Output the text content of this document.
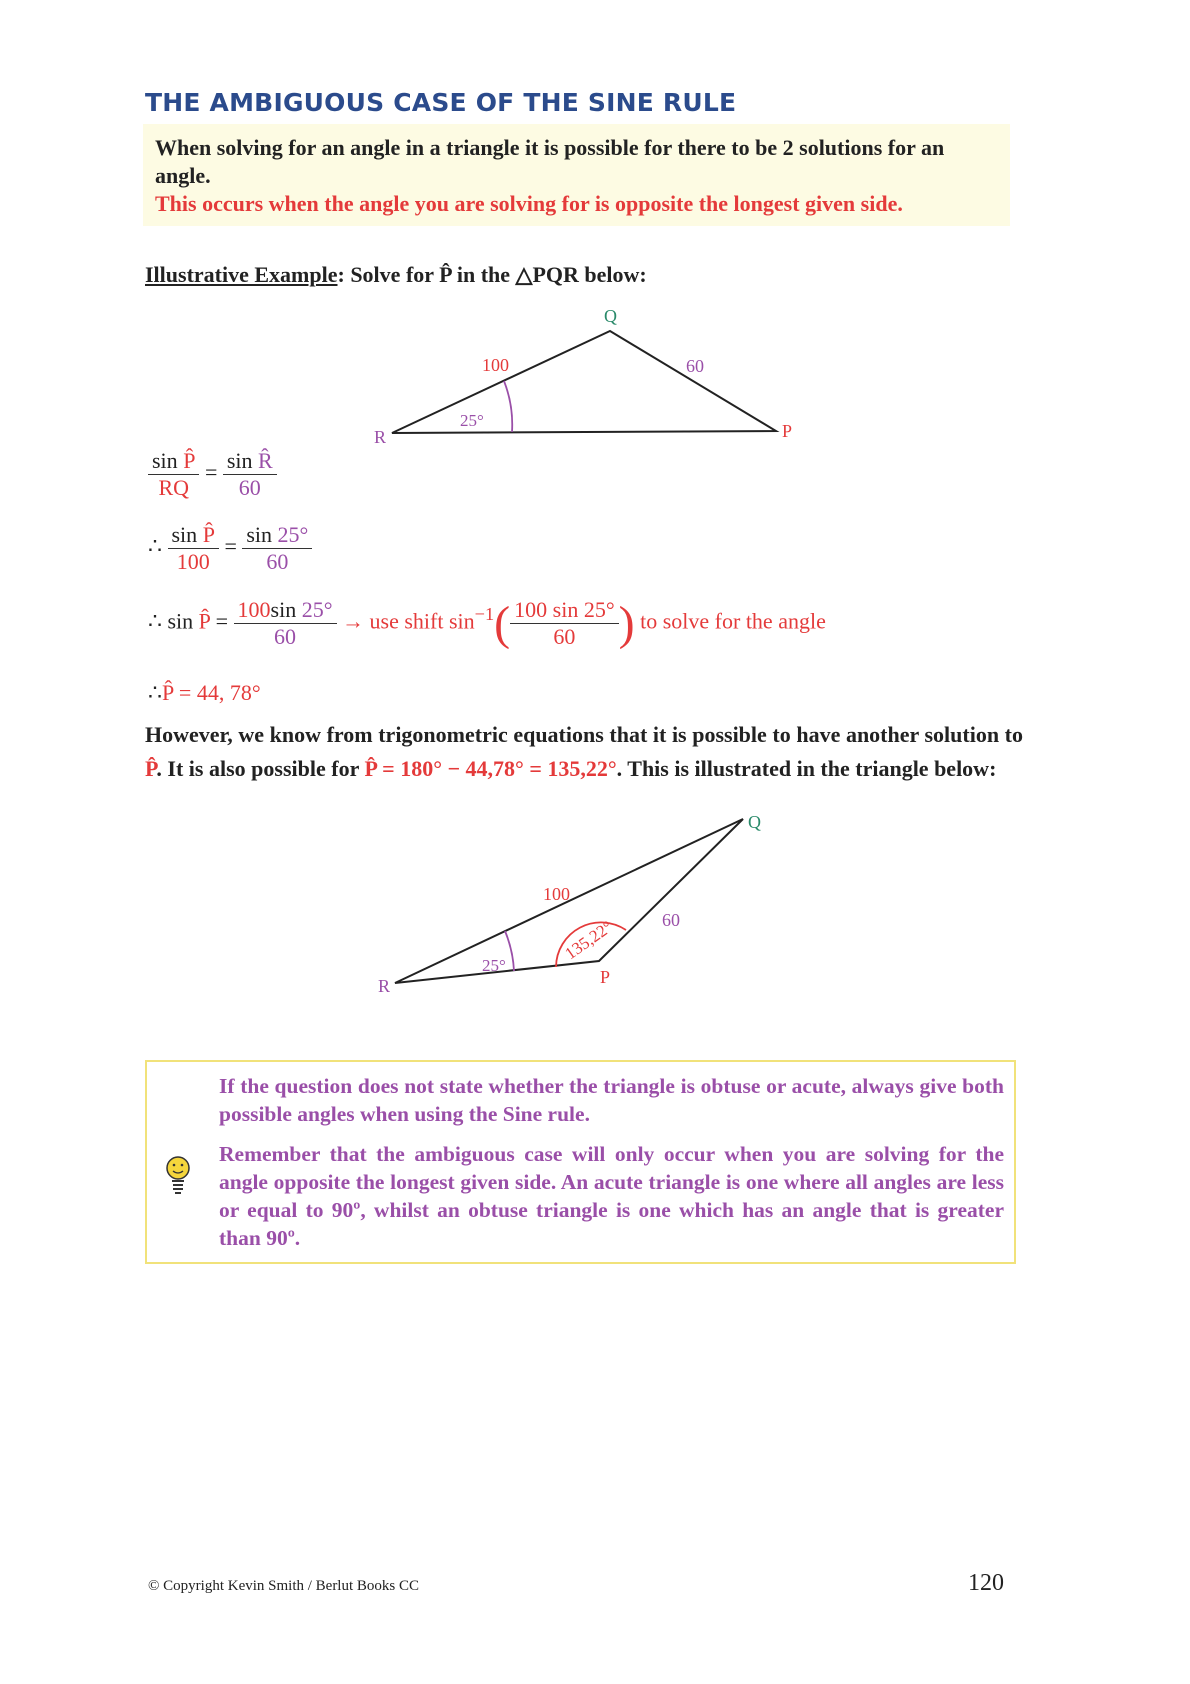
THE AMBIGUOUS CASE OF THE SINE RULE
When solving for an angle in a triangle it is possible for there to be 2 solutions for an angle.
This occurs when the angle you are solving for is opposite the longest given side.
Illustrative Example: Solve for P̂ in the △PQR below:
Q
R	P
100	60
25°
Q
R	P
100
60
25°
135,22°
$\frac{\text{sin P̂}}{RQ} = \frac{\text{sin R̂}}{60}$
∴ $\frac{\text{sin P̂}}{100} = \frac{\sin 25^\circ}{60}$
∴ sin P̂ = $\frac{100\sin 25^\circ}{60}$ → use shift $\sin^{-1}( \frac{100 \sin 25^\circ}{60}$ ) to solve for the angle
∴P̂ = 44, 78°
However, we know from trigonometric equations that it is possible to have another solution to P̂. It is also possible for P̂ = 180° − 44,78° = 135,22°. This is illustrated in the triangle below:
If the question does not state whether the triangle is obtuse or acute, always give both possible angles when using the Sine rule.
Remember that the ambiguous case will only occur when you are solving for the angle opposite the longest given side. An acute triangle is one where all angles are less or equal to 90º, whilst an obtuse triangle is one which has an angle that is greater than 90º.
© Copyright Kevin Smith / Berlut Books CC	120
